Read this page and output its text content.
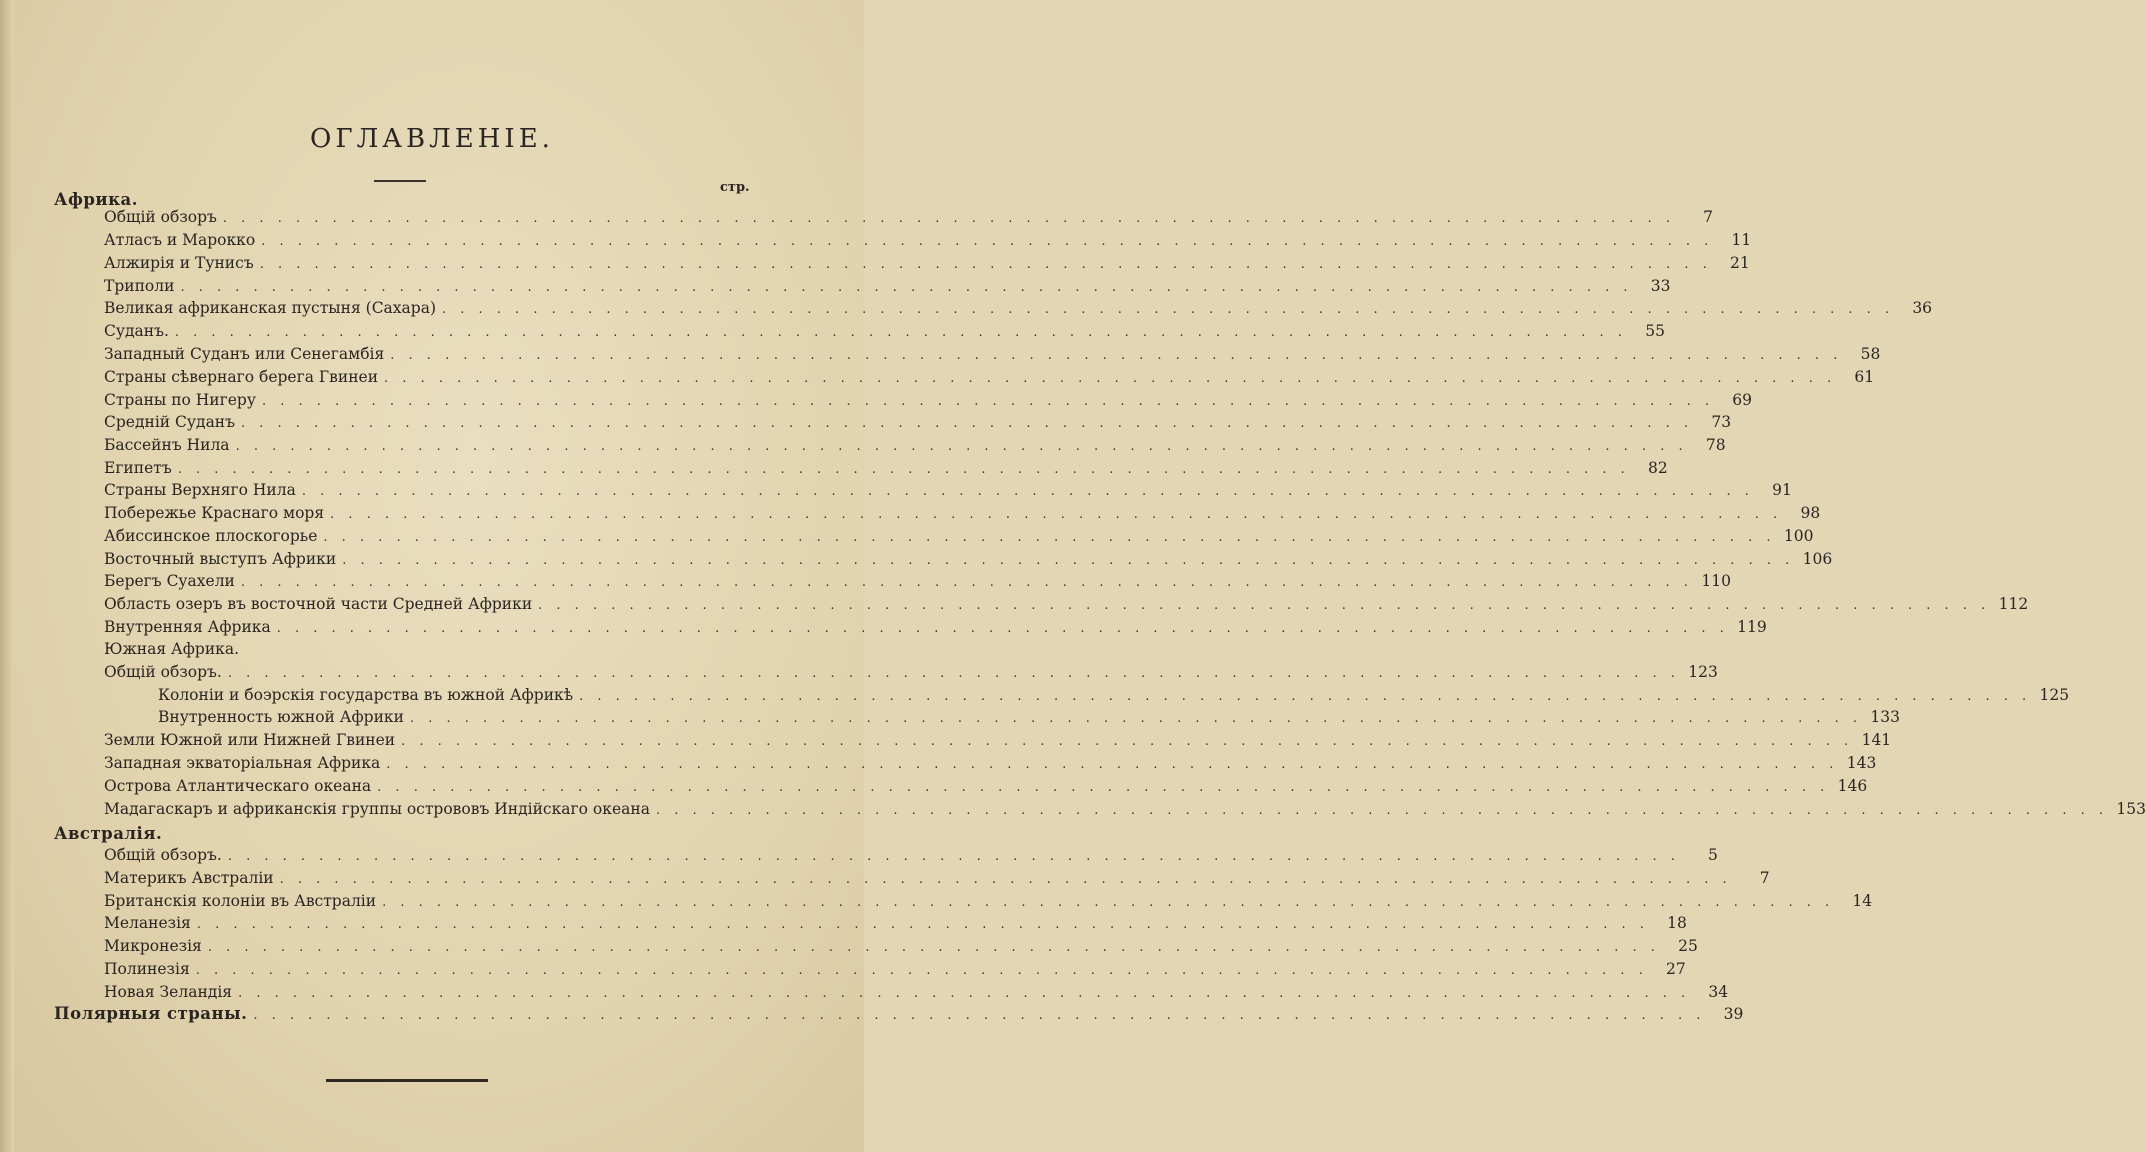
ОГЛАВЛЕНІЕ.
стр.
Африка.
Общій обзоръ . . . . . . . . . . . . . . . . . . . . . . . . . . . . . . . . . . . . . . . . . . . . . . . . . . . . . . . . . . . . . . . . . . . . . . . . . . . . . . . .	7
Атласъ и Марокко . . . . . . . . . . . . . . . . . . . . . . . . . . . . . . . . . . . . . . . . . . . . . . . . . . . . . . . . . . . . . . . . . . . . . . . . . . . . . . . .	11
Алжирія и Тунисъ . . . . . . . . . . . . . . . . . . . . . . . . . . . . . . . . . . . . . . . . . . . . . . . . . . . . . . . . . . . . . . . . . . . . . . . . . . . . . . . .	21
Триполи . . . . . . . . . . . . . . . . . . . . . . . . . . . . . . . . . . . . . . . . . . . . . . . . . . . . . . . . . . . . . . . . . . . . . . . . . . . . . . . .	33
Великая африканская пустыня (Сахара) . . . . . . . . . . . . . . . . . . . . . . . . . . . . . . . . . . . . . . . . . . . . . . . . . . . . . . . . . . . . . . . . . . . . . . . . . . . . . . . .	36
Суданъ. . . . . . . . . . . . . . . . . . . . . . . . . . . . . . . . . . . . . . . . . . . . . . . . . . . . . . . . . . . . . . . . . . . . . . . . . . . . . . . . .	55
Западный Суданъ или Сенегамбія . . . . . . . . . . . . . . . . . . . . . . . . . . . . . . . . . . . . . . . . . . . . . . . . . . . . . . . . . . . . . . . . . . . . . . . . . . . . . . . .	58
Страны сѣвернаго берега Гвинеи . . . . . . . . . . . . . . . . . . . . . . . . . . . . . . . . . . . . . . . . . . . . . . . . . . . . . . . . . . . . . . . . . . . . . . . . . . . . . . . .	61
Страны по Нигеру . . . . . . . . . . . . . . . . . . . . . . . . . . . . . . . . . . . . . . . . . . . . . . . . . . . . . . . . . . . . . . . . . . . . . . . . . . . . . . . .	69
Средній Суданъ . . . . . . . . . . . . . . . . . . . . . . . . . . . . . . . . . . . . . . . . . . . . . . . . . . . . . . . . . . . . . . . . . . . . . . . . . . . . . . . .	73
Бассейнъ Нила . . . . . . . . . . . . . . . . . . . . . . . . . . . . . . . . . . . . . . . . . . . . . . . . . . . . . . . . . . . . . . . . . . . . . . . . . . . . . . . .	78
Египетъ . . . . . . . . . . . . . . . . . . . . . . . . . . . . . . . . . . . . . . . . . . . . . . . . . . . . . . . . . . . . . . . . . . . . . . . . . . . . . . . .	82
Страны Верхняго Нила . . . . . . . . . . . . . . . . . . . . . . . . . . . . . . . . . . . . . . . . . . . . . . . . . . . . . . . . . . . . . . . . . . . . . . . . . . . . . . . .	91
Побережье Краснаго моря . . . . . . . . . . . . . . . . . . . . . . . . . . . . . . . . . . . . . . . . . . . . . . . . . . . . . . . . . . . . . . . . . . . . . . . . . . . . . . . .	98
Абиссинское плоскогорье . . . . . . . . . . . . . . . . . . . . . . . . . . . . . . . . . . . . . . . . . . . . . . . . . . . . . . . . . . . . . . . . . . . . . . . . . . . . . . . . 100
Восточный выступъ Африки . . . . . . . . . . . . . . . . . . . . . . . . . . . . . . . . . . . . . . . . . . . . . . . . . . . . . . . . . . . . . . . . . . . . . . . . . . . . . . . . 106
Берегъ Суахели . . . . . . . . . . . . . . . . . . . . . . . . . . . . . . . . . . . . . . . . . . . . . . . . . . . . . . . . . . . . . . . . . . . . . . . . . . . . . . . . 110
Область озеръ въ восточной части Средней Африки . . . . . . . . . . . . . . . . . . . . . . . . . . . . . . . . . . . . . . . . . . . . . . . . . . . . . . . . . . . . . . . . . . . . . . . . . . . . . . . . 112
Внутренняя Африка . . . . . . . . . . . . . . . . . . . . . . . . . . . . . . . . . . . . . . . . . . . . . . . . . . . . . . . . . . . . . . . . . . . . . . . . . . . . . . . . 119
Южная Африка.
Общій обзоръ. . . . . . . . . . . . . . . . . . . . . . . . . . . . . . . . . . . . . . . . . . . . . . . . . . . . . . . . . . . . . . . . . . . . . . . . . . . . . . . . . 123
Колоніи и боэрскія государства въ южной Африкѣ . . . . . . . . . . . . . . . . . . . . . . . . . . . . . . . . . . . . . . . . . . . . . . . . . . . . . . . . . . . . . . . . . . . . . . . . . . . . . . . . 125
Внутренность южной Африки . . . . . . . . . . . . . . . . . . . . . . . . . . . . . . . . . . . . . . . . . . . . . . . . . . . . . . . . . . . . . . . . . . . . . . . . . . . . . . . . 133
Земли Южной или Нижней Гвинеи . . . . . . . . . . . . . . . . . . . . . . . . . . . . . . . . . . . . . . . . . . . . . . . . . . . . . . . . . . . . . . . . . . . . . . . . . . . . . . . . 141
Западная экваторіальная Африка . . . . . . . . . . . . . . . . . . . . . . . . . . . . . . . . . . . . . . . . . . . . . . . . . . . . . . . . . . . . . . . . . . . . . . . . . . . . . . . . 143
Острова Атлантическаго океана . . . . . . . . . . . . . . . . . . . . . . . . . . . . . . . . . . . . . . . . . . . . . . . . . . . . . . . . . . . . . . . . . . . . . . . . . . . . . . . . 146
Мадагаскаръ и африканскія группы острововъ Индійскаго океана . . . . . . . . . . . . . . . . . . . . . . . . . . . . . . . . . . . . . . . . . . . . . . . . . . . . . . . . . . . . . . . . . . . . . . . . . . . . . . . . 153
Австралія.
Общій обзоръ. . . . . . . . . . . . . . . . . . . . . . . . . . . . . . . . . . . . . . . . . . . . . . . . . . . . . . . . . . . . . . . . . . . . . . . . . . . . . . . . .	5
Материкъ Австраліи . . . . . . . . . . . . . . . . . . . . . . . . . . . . . . . . . . . . . . . . . . . . . . . . . . . . . . . . . . . . . . . . . . . . . . . . . . . . . . . .	7
Британскія колоніи въ Австраліи . . . . . . . . . . . . . . . . . . . . . . . . . . . . . . . . . . . . . . . . . . . . . . . . . . . . . . . . . . . . . . . . . . . . . . . . . . . . . . . .	14
Меланезія . . . . . . . . . . . . . . . . . . . . . . . . . . . . . . . . . . . . . . . . . . . . . . . . . . . . . . . . . . . . . . . . . . . . . . . . . . . . . . . .	18
Микронезія . . . . . . . . . . . . . . . . . . . . . . . . . . . . . . . . . . . . . . . . . . . . . . . . . . . . . . . . . . . . . . . . . . . . . . . . . . . . . . . .	25
Полинезія . . . . . . . . . . . . . . . . . . . . . . . . . . . . . . . . . . . . . . . . . . . . . . . . . . . . . . . . . . . . . . . . . . . . . . . . . . . . . . . .	27
Новая Зеландія . . . . . . . . . . . . . . . . . . . . . . . . . . . . . . . . . . . . . . . . . . . . . . . . . . . . . . . . . . . . . . . . . . . . . . . . . . . . . . . .	34
Полярныя страны. . . . . . . . . . . . . . . . . . . . . . . . . . . . . . . . . . . . . . . . . . . . . . . . . . . . . . . . . . . . . . . . . . . . . . . . . . . . . . . . .	39
